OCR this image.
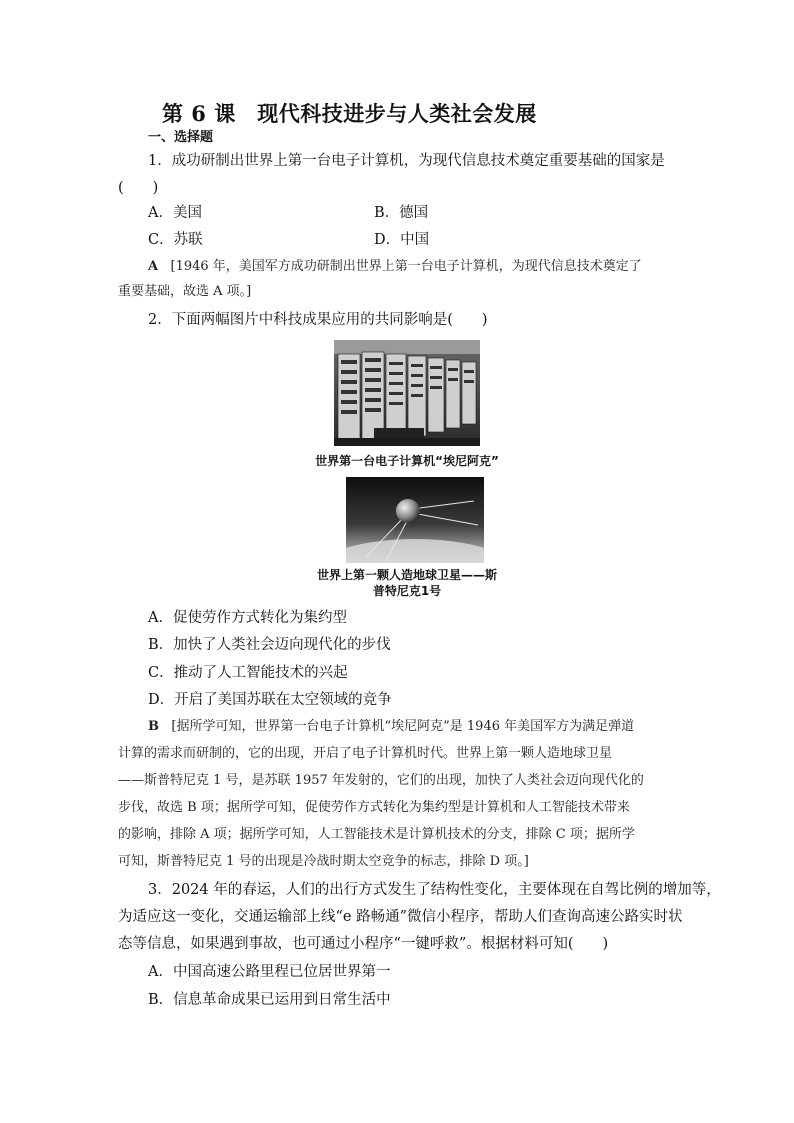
第 6 课　现代科技进步与人类社会发展
一、选择题
1．成功研制出世界上第一台电子计算机，为现代信息技术奠定重要基础的国家是
(　　)
A．美国	B．德国
C．苏联	D．中国
A [1946 年，美国军方成功研制出世界上第一台电子计算机，为现代信息技术奠定了
重要基础，故选 A 项。]
2．下面两幅图片中科技成果应用的共同影响是(　　)
世界第一台电子计算机“埃尼阿克”
世界上第一颗人造地球卫星——斯
普特尼克1号
A．促使劳作方式转化为集约型
B．加快了人类社会迈向现代化的步伐
C．推动了人工智能技术的兴起
D．开启了美国苏联在太空领域的竞争
B [据所学可知，世界第一台电子计算机“埃尼阿克”是 1946 年美国军方为满足弹道
计算的需求而研制的，它的出现，开启了电子计算机时代。世界上第一颗人造地球卫星
——斯普特尼克 1 号，是苏联 1957 年发射的，它们的出现，加快了人类社会迈向现代化的
步伐，故选 B 项；据所学可知，促使劳作方式转化为集约型是计算机和人工智能技术带来
的影响，排除 A 项；据所学可知，人工智能技术是计算机技术的分支，排除 C 项；据所学
可知，斯普特尼克 1 号的出现是冷战时期太空竞争的标志，排除 D 项。]
3．2024 年的春运，人们的出行方式发生了结构性变化，主要体现在自驾比例的增加等，
为适应这一变化，交通运输部上线“e 路畅通”微信小程序，帮助人们查询高速公路实时状
态等信息，如果遇到事故，也可通过小程序“一键呼救”。根据材料可知(　　)
A．中国高速公路里程已位居世界第一
B．信息革命成果已运用到日常生活中
